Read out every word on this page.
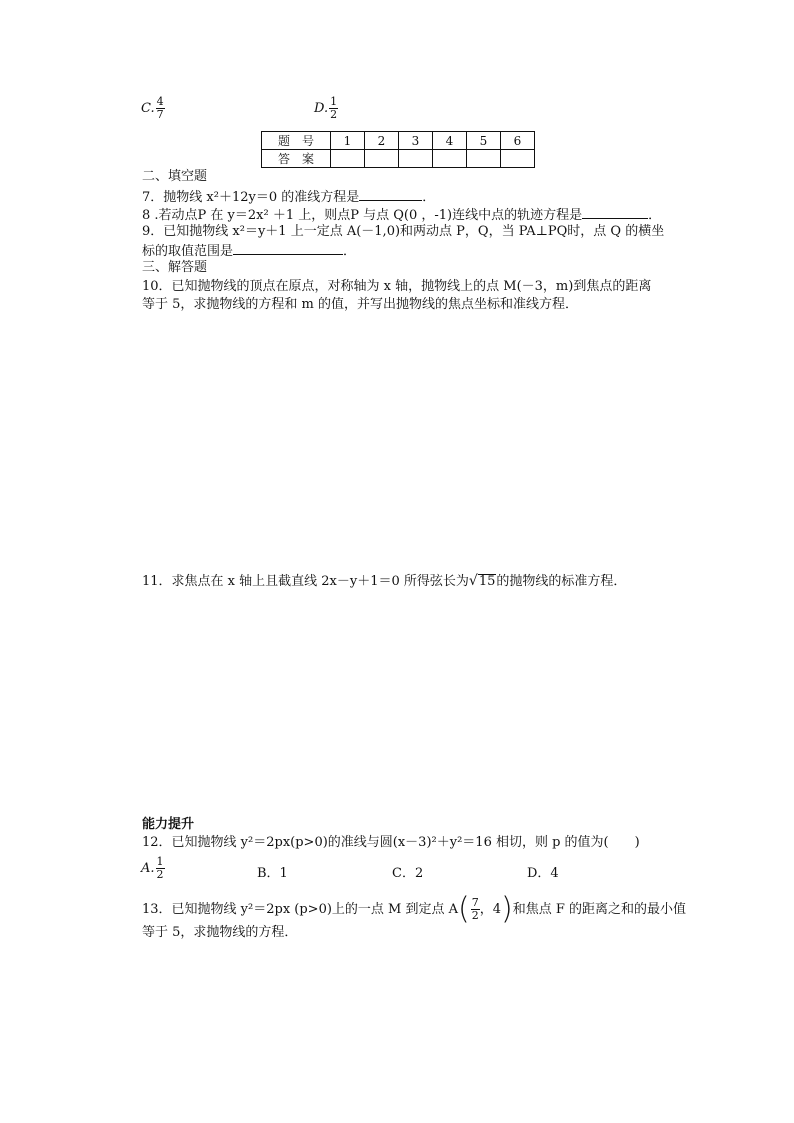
C. $\frac{4}{7}$	D. $\frac{1}{2}$
题　号	1	2	3	4	5	6
答　案						
二、填空题
7．抛物线 x²＋12y＝0 的准线方程是	．
8 .若动点P 在 y＝2x² ＋1 上，则点P 与点 Q(0 ，-1)连线中点的轨迹方程是	．
9．已知抛物线 x²＝y＋1 上一定点 A(－1,0)和两动点 P，Q，当 PA⊥PQ时，点 Q 的横坐
标的取值范围是	．
三、解答题
10．已知抛物线的顶点在原点，对称轴为 x 轴，抛物线上的点 M(－3，m)到焦点的距离
等于 5，求抛物线的方程和 m 的值，并写出抛物线的焦点坐标和准线方程．
11．求焦点在 x 轴上且截直线 2x－y＋1＝0 所得弦长为√15的抛物线的标准方程．
能力提升
12．已知抛物线 y²＝2px(p>0)的准线与圆(x－3)²＋y²＝16 相切，则 p 的值为(　　)
A. $\frac{1}{2}$	B．1	C．2	D．4
13．已知抛物线 y²＝2px (p>0)上的一点 M 到定点 $A( \frac{7}{2}$ ，4)和焦点 F 的距离之和的最小值
等于 5，求抛物线的方程．
